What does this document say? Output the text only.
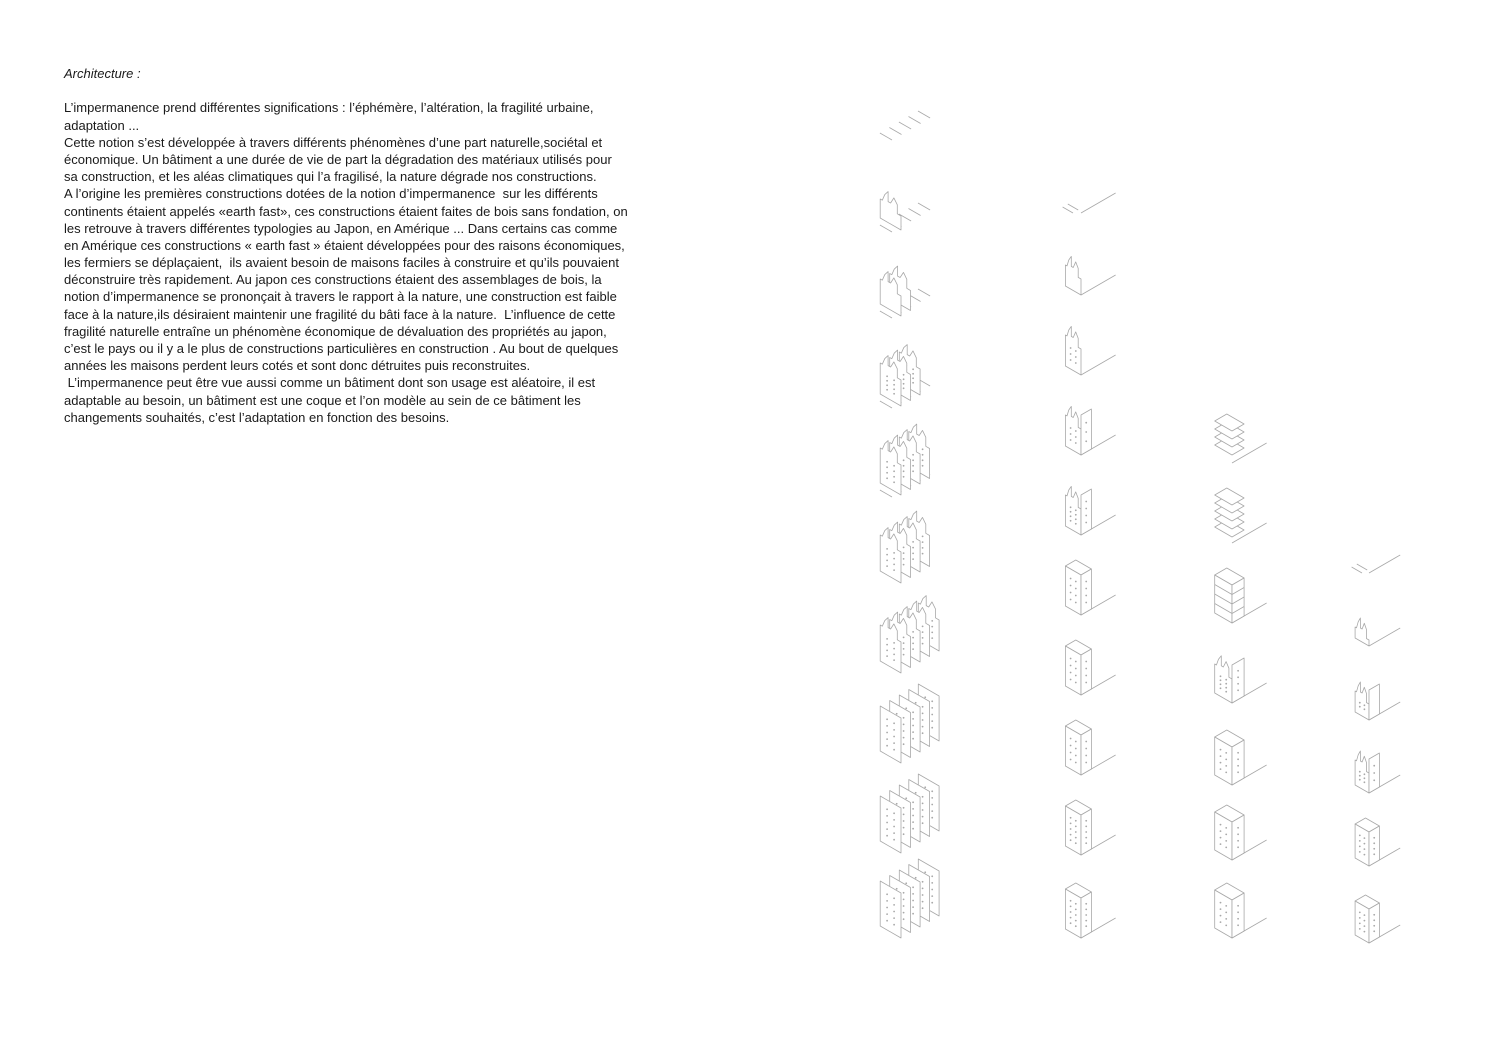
Architecture :
L’impermanence prend différentes significations : l’éphémère, l’altération, la fragilité urbaine,
adaptation ...
Cette notion s’est développée à travers différents phénomènes d’une part naturelle,sociétal et
économique. Un bâtiment a une durée de vie de part la dégradation des matériaux utilisés pour
sa construction, et les aléas climatiques qui l’a fragilisé, la nature dégrade nos constructions.
A l’origine les premières constructions dotées de la notion d’impermanence  sur les différents
continents étaient appelés «earth fast», ces constructions étaient faites de bois sans fondation, on
les retrouve à travers différentes typologies au Japon, en Amérique ... Dans certains cas comme
en Amérique ces constructions « earth fast » étaient développées pour des raisons économiques,
les fermiers se déplaçaient,  ils avaient besoin de maisons faciles à construire et qu’ils pouvaient
déconstruire très rapidement. Au japon ces constructions étaient des assemblages de bois, la
notion d’impermanence se prononçait à travers le rapport à la nature, une construction est faible
face à la nature,ils désiraient maintenir une fragilité du bâti face à la nature.  L’influence de cette
fragilité naturelle entraîne un phénomène économique de dévaluation des propriétés au japon,
c’est le pays ou il y a le plus de constructions particulières en construction . Au bout de quelques
années les maisons perdent leurs cotés et sont donc détruites puis reconstruites.
L’impermanence peut être vue aussi comme un bâtiment dont son usage est aléatoire, il est
adaptable au besoin, un bâtiment est une coque et l’on modèle au sein de ce bâtiment les
changements souhaités, c’est l’adaptation en fonction des besoins.
